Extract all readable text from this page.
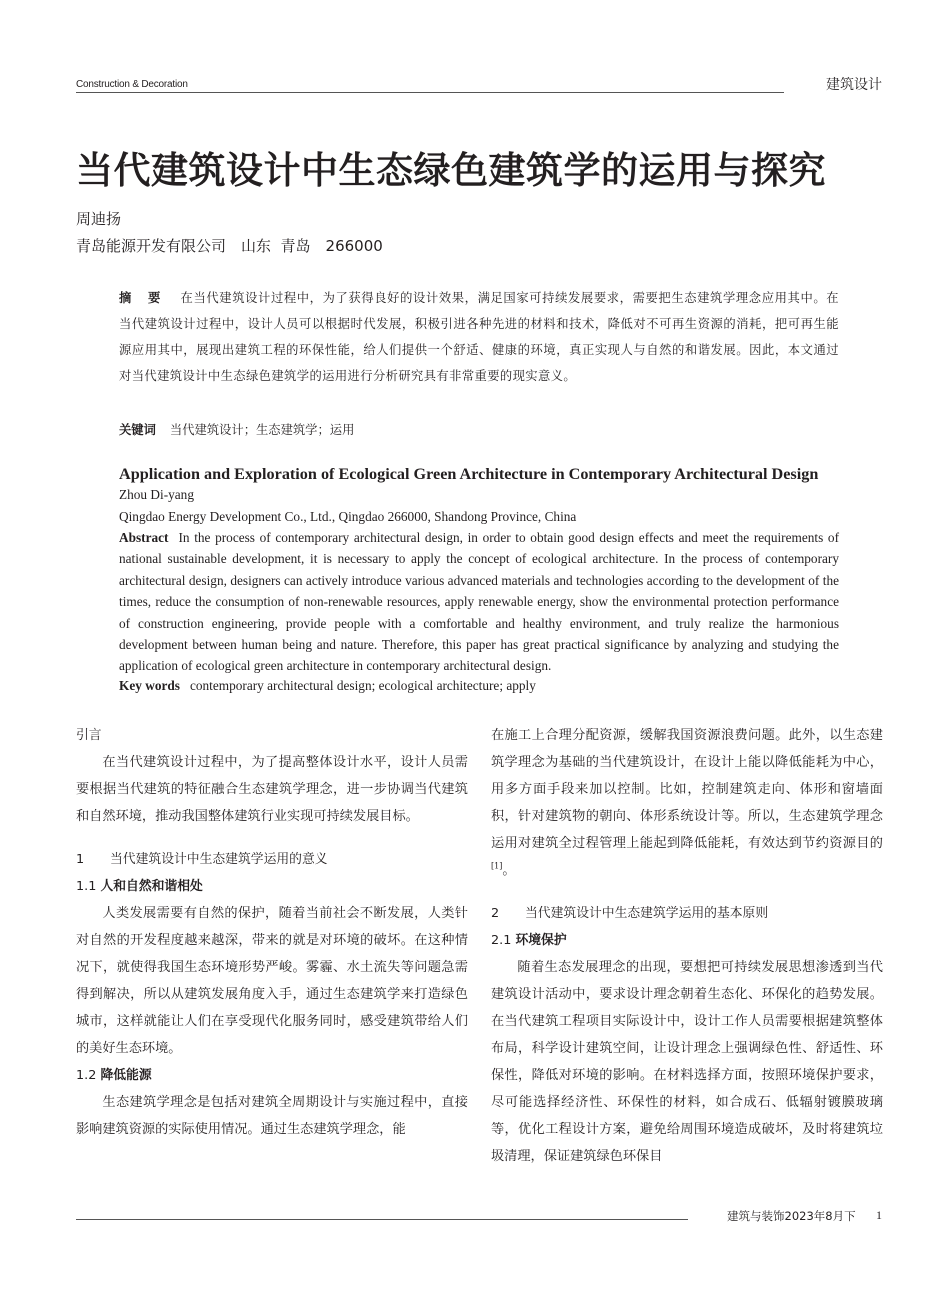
Construction & Decoration	建筑设计
当代建筑设计中生态绿色建筑学的运用与探究
周迪扬
青岛能源开发有限公司　山东  青岛　266000
摘 要 在当代建筑设计过程中，为了获得良好的设计效果，满足国家可持续发展要求，需要把生态建筑学理念应用其中。在当代建筑设计过程中，设计人员可以根据时代发展，积极引进各种先进的材料和技术，降低对不可再生资源的消耗，把可再生能源应用其中，展现出建筑工程的环保性能，给人们提供一个舒适、健康的环境，真正实现人与自然的和谐发展。因此，本文通过对当代建筑设计中生态绿色建筑学的运用进行分析研究具有非常重要的现实意义。
关键词 当代建筑设计；生态建筑学；运用
Application and Exploration of Ecological Green Architecture in Contemporary Architectural Design
Zhou Di-yang
Qingdao Energy Development Co., Ltd., Qingdao 266000, Shandong Province, China
Abstract In the process of contemporary architectural design, in order to obtain good design effects and meet the requirements of national sustainable development, it is necessary to apply the concept of ecological architecture. In the process of contemporary architectural design, designers can actively introduce various advanced materials and technologies according to the development of the times, reduce the consumption of non-renewable resources, apply renewable energy, show the environmental protection performance of construction engineering, provide people with a comfortable and healthy environment, and truly realize the harmonious development between human being and nature. Therefore, this paper has great practical significance by analyzing and studying the application of ecological green architecture in contemporary architectural design.
Key words contemporary architectural design; ecological architecture; apply

引言

在当代建筑设计过程中，为了提高整体设计水平，设计人员需要根据当代建筑的特征融合生态建筑学理念，进一步协调当代建筑和自然环境，推动我国整体建筑行业实现可持续发展目标。

1 当代建筑设计中生态建筑学运用的意义

1.1 人和自然和谐相处

人类发展需要有自然的保护，随着当前社会不断发展，人类针对自然的开发程度越来越深，带来的就是对环境的破坏。在这种情况下，就使得我国生态环境形势严峻。雾霾、水土流失等问题急需得到解决，所以从建筑发展角度入手，通过生态建筑学来打造绿色城市，这样就能让人们在享受现代化服务同时，感受建筑带给人们的美好生态环境。

1.2 降低能源

生态建筑学理念是包括对建筑全周期设计与实施过程中，直接影响建筑资源的实际使用情况。通过生态建筑学理念，能

在施工上合理分配资源，缓解我国资源浪费问题。此外，以生态建筑学理念为基础的当代建筑设计，在设计上能以降低能耗为中心，用多方面手段来加以控制。比如，控制建筑走向、体形和窗墙面积，针对建筑物的朝向、体形系统设计等。所以，生态建筑学理念运用对建筑全过程管理上能起到降低能耗，有效达到节约资源目的[1]。

2 当代建筑设计中生态建筑学运用的基本原则

2.1 环境保护

随着生态发展理念的出现，要想把可持续发展思想渗透到当代建筑设计活动中，要求设计理念朝着生态化、环保化的趋势发展。在当代建筑工程项目实际设计中，设计工作人员需要根据建筑整体布局，科学设计建筑空间，让设计理念上强调绿色性、舒适性、环保性，降低对环境的影响。在材料选择方面，按照环境保护要求，尽可能选择经济性、环保性的材料，如合成石、低辐射镀膜玻璃等，优化工程设计方案，避免给周围环境造成破坏，及时将建筑垃圾清理，保证建筑绿色环保目

建筑与装饰2023年8月下 1
